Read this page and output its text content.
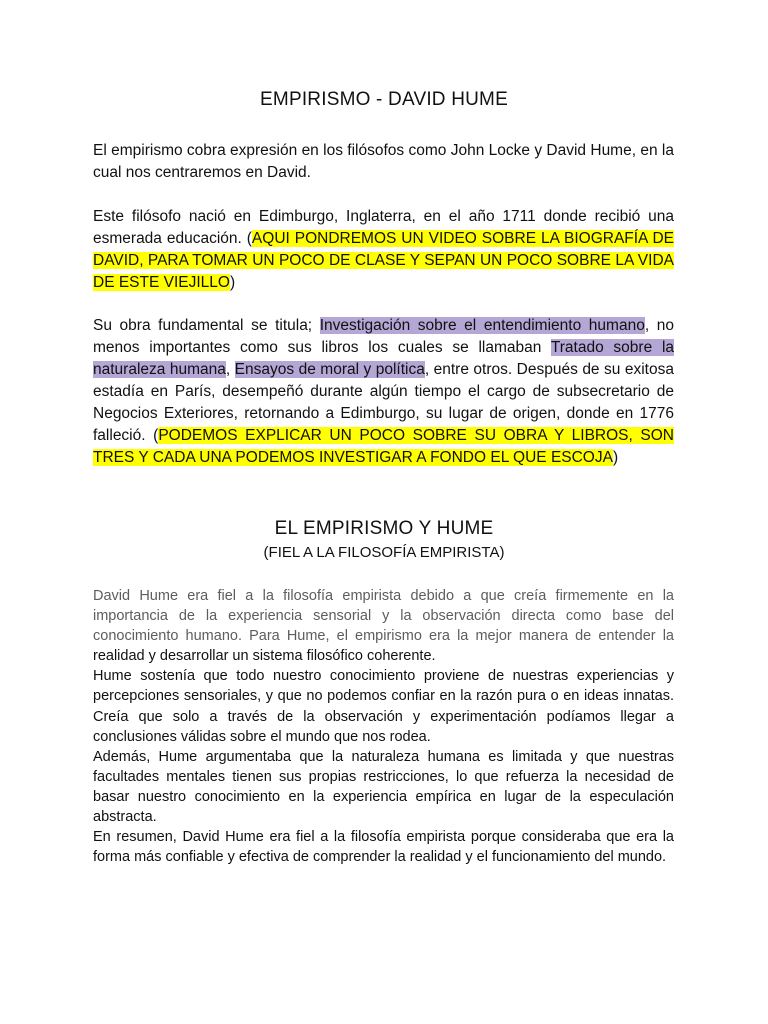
EMPIRISMO - DAVID HUME

El empirismo cobra expresión en los filósofos como John Locke y David Hume, en la cual nos centraremos en David.

Este filósofo nació en Edimburgo, Inglaterra, en el año 1711 donde recibió una esmerada educación. (AQUI PONDREMOS UN VIDEO SOBRE LA BIOGRAFÍA DE DAVID, PARA TOMAR UN POCO DE CLASE Y SEPAN UN POCO SOBRE LA VIDA DE ESTE VIEJILLO)

Su obra fundamental se titula; Investigación sobre el entendimiento humano, no menos importantes como sus libros los cuales se llamaban Tratado sobre la naturaleza humana, Ensayos de moral y política, entre otros. Después de su exitosa estadía en París, desempeñó durante algún tiempo el cargo de subsecretario de Negocios Exteriores, retornando a Edimburgo, su lugar de origen, donde en 1776 falleció. (PODEMOS EXPLICAR UN POCO SOBRE SU OBRA Y LIBROS, SON TRES Y CADA UNA PODEMOS INVESTIGAR A FONDO EL QUE ESCOJA)

EL EMPIRISMO Y HUME
(FIEL A LA FILOSOFÍA EMPIRISTA)

David Hume era fiel a la filosofía empirista debido a que creía firmemente en la importancia de la experiencia sensorial y la observación directa como base del conocimiento humano. Para Hume, el empirismo era la mejor manera de entender la realidad y desarrollar un sistema filosófico coherente.

Hume sostenía que todo nuestro conocimiento proviene de nuestras experiencias y percepciones sensoriales, y que no podemos confiar en la razón pura o en ideas innatas. Creía que solo a través de la observación y experimentación podíamos llegar a conclusiones válidas sobre el mundo que nos rodea.

Además, Hume argumentaba que la naturaleza humana es limitada y que nuestras facultades mentales tienen sus propias restricciones, lo que refuerza la necesidad de basar nuestro conocimiento en la experiencia empírica en lugar de la especulación abstracta.

En resumen, David Hume era fiel a la filosofía empirista porque consideraba que era la forma más confiable y efectiva de comprender la realidad y el funcionamiento del mundo.
